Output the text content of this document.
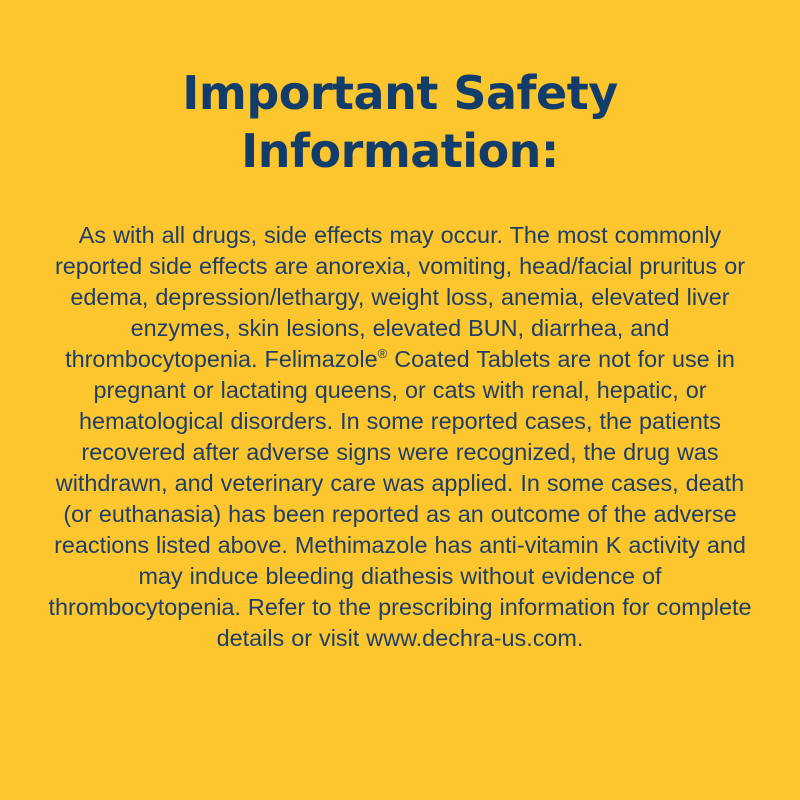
Important Safety
Information:

As with all drugs, side effects may occur. The most commonly reported side effects are anorexia, vomiting, head/facial pruritus or edema, depression/lethargy, weight loss, anemia, elevated liver enzymes, skin lesions, elevated BUN, diarrhea, and thrombocytopenia. Felimazole® Coated Tablets are not for use in pregnant or lactating queens, or cats with renal, hepatic, or hematological disorders. In some reported cases, the patients recovered after adverse signs were recognized, the drug was withdrawn, and veterinary care was applied. In some cases, death (or euthanasia) has been reported as an outcome of the adverse reactions listed above. Methimazole has anti-vitamin K activity and may induce bleeding diathesis without evidence of thrombocytopenia. Refer to the prescribing information for complete details or visit www.dechra-us.com.
